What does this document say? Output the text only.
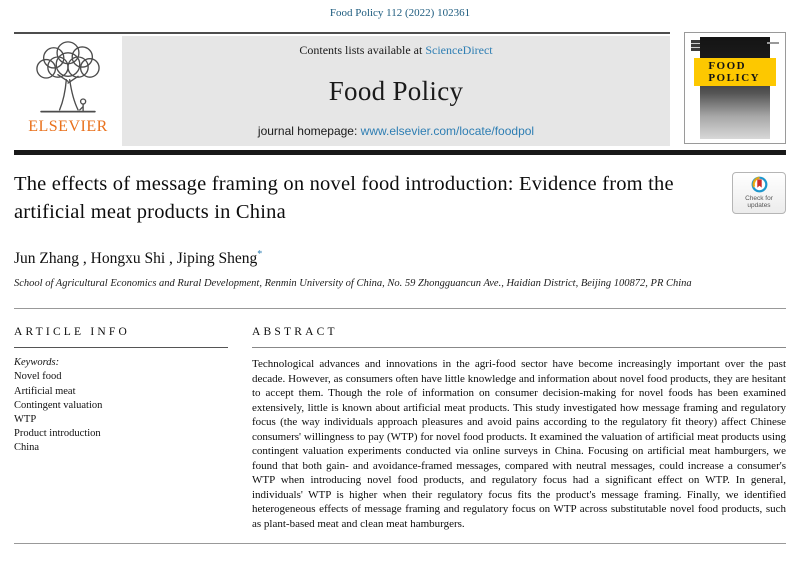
Food Policy 112 (2022) 102361
ELSEVIER
Contents lists available at ScienceDirect
Food Policy
journal homepage: www.elsevier.com/locate/foodpol
FOOD
POLICY
The effects of message framing on novel food introduction: Evidence from the artificial meat products in China
Check for updates
Jun Zhang , Hongxu Shi , Jiping Sheng*
School of Agricultural Economics and Rural Development, Renmin University of China, No. 59 Zhongguancun Ave., Haidian District, Beijing 100872, PR China
ARTICLE INFO
Keywords:
Novel food
Artificial meat
Contingent valuation
WTP
Product introduction
China
ABSTRACT
Technological advances and innovations in the agri-food sector have become increasingly important over the past decade. However, as consumers often have little knowledge and information about novel food products, they are hesitant to accept them. Though the role of information on consumer decision-making for novel foods has been examined extensively, little is known about artificial meat products. This study investigated how message framing and regulatory focus (the way individuals approach pleasures and avoid pains according to the regulatory fit theory) affect Chinese consumers' willingness to pay (WTP) for novel food products. It examined the valuation of artificial meat products using contingent valuation experiments conducted via online surveys in China. Focusing on artificial meat hamburgers, we found that both gain- and avoidance-framed messages, compared with neutral messages, could increase a consumer's WTP when introducing novel food products, and regulatory focus had a significant effect on WTP. In general, individuals' WTP is higher when their regulatory focus fits the product's message framing. Finally, we identified heterogeneous effects of message framing and regulatory focus on WTP across substitutable novel food products, such as plant-based meat and clean meat hamburgers.
